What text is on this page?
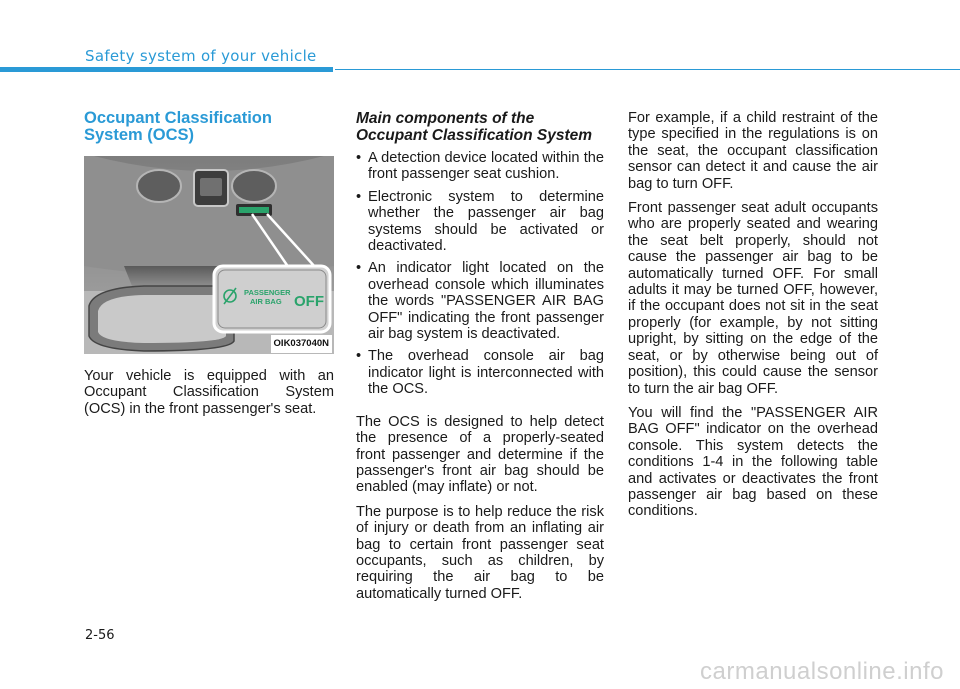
Safety system of your vehicle
Occupant Classification System (OCS)
PASSENGER
AIR BAG OFF
OIK037040N

Your vehicle is equipped with an Occupant Classification System (OCS) in the front passenger's seat.

Main components of the Occupant Classification System
• A detection device located within the front passenger seat cushion.
• Electronic system to determine whether the passenger air bag systems should be activated or deactivated.
• An indicator light located on the overhead console which illuminates the words "PASSENGER AIR BAG OFF" indicating the front passenger air bag system is deactivated.
• The overhead console air bag indicator light is interconnected with the OCS.

The OCS is designed to help detect the presence of a properly-seated front passenger and determine if the passenger's front air bag should be enabled (may inflate) or not.

The purpose is to help reduce the risk of injury or death from an inflating air bag to certain front passenger seat occupants, such as children, by requiring the air bag to be automatically turned OFF.

For example, if a child restraint of the type specified in the regulations is on the seat, the occupant classification sensor can detect it and cause the air bag to turn OFF.

Front passenger seat adult occupants who are properly seated and wearing the seat belt properly, should not cause the passenger air bag to be automatically turned OFF. For small adults it may be turned OFF, however, if the occupant does not sit in the seat properly (for example, by not sitting upright, by sitting on the edge of the seat, or by otherwise being out of position), this could cause the sensor to turn the air bag OFF.

You will find the "PASSENGER AIR BAG OFF" indicator on the overhead console. This system detects the conditions 1-4 in the following table and activates or deactivates the front passenger air bag based on these conditions.

2-56
carmanualsonline.info
